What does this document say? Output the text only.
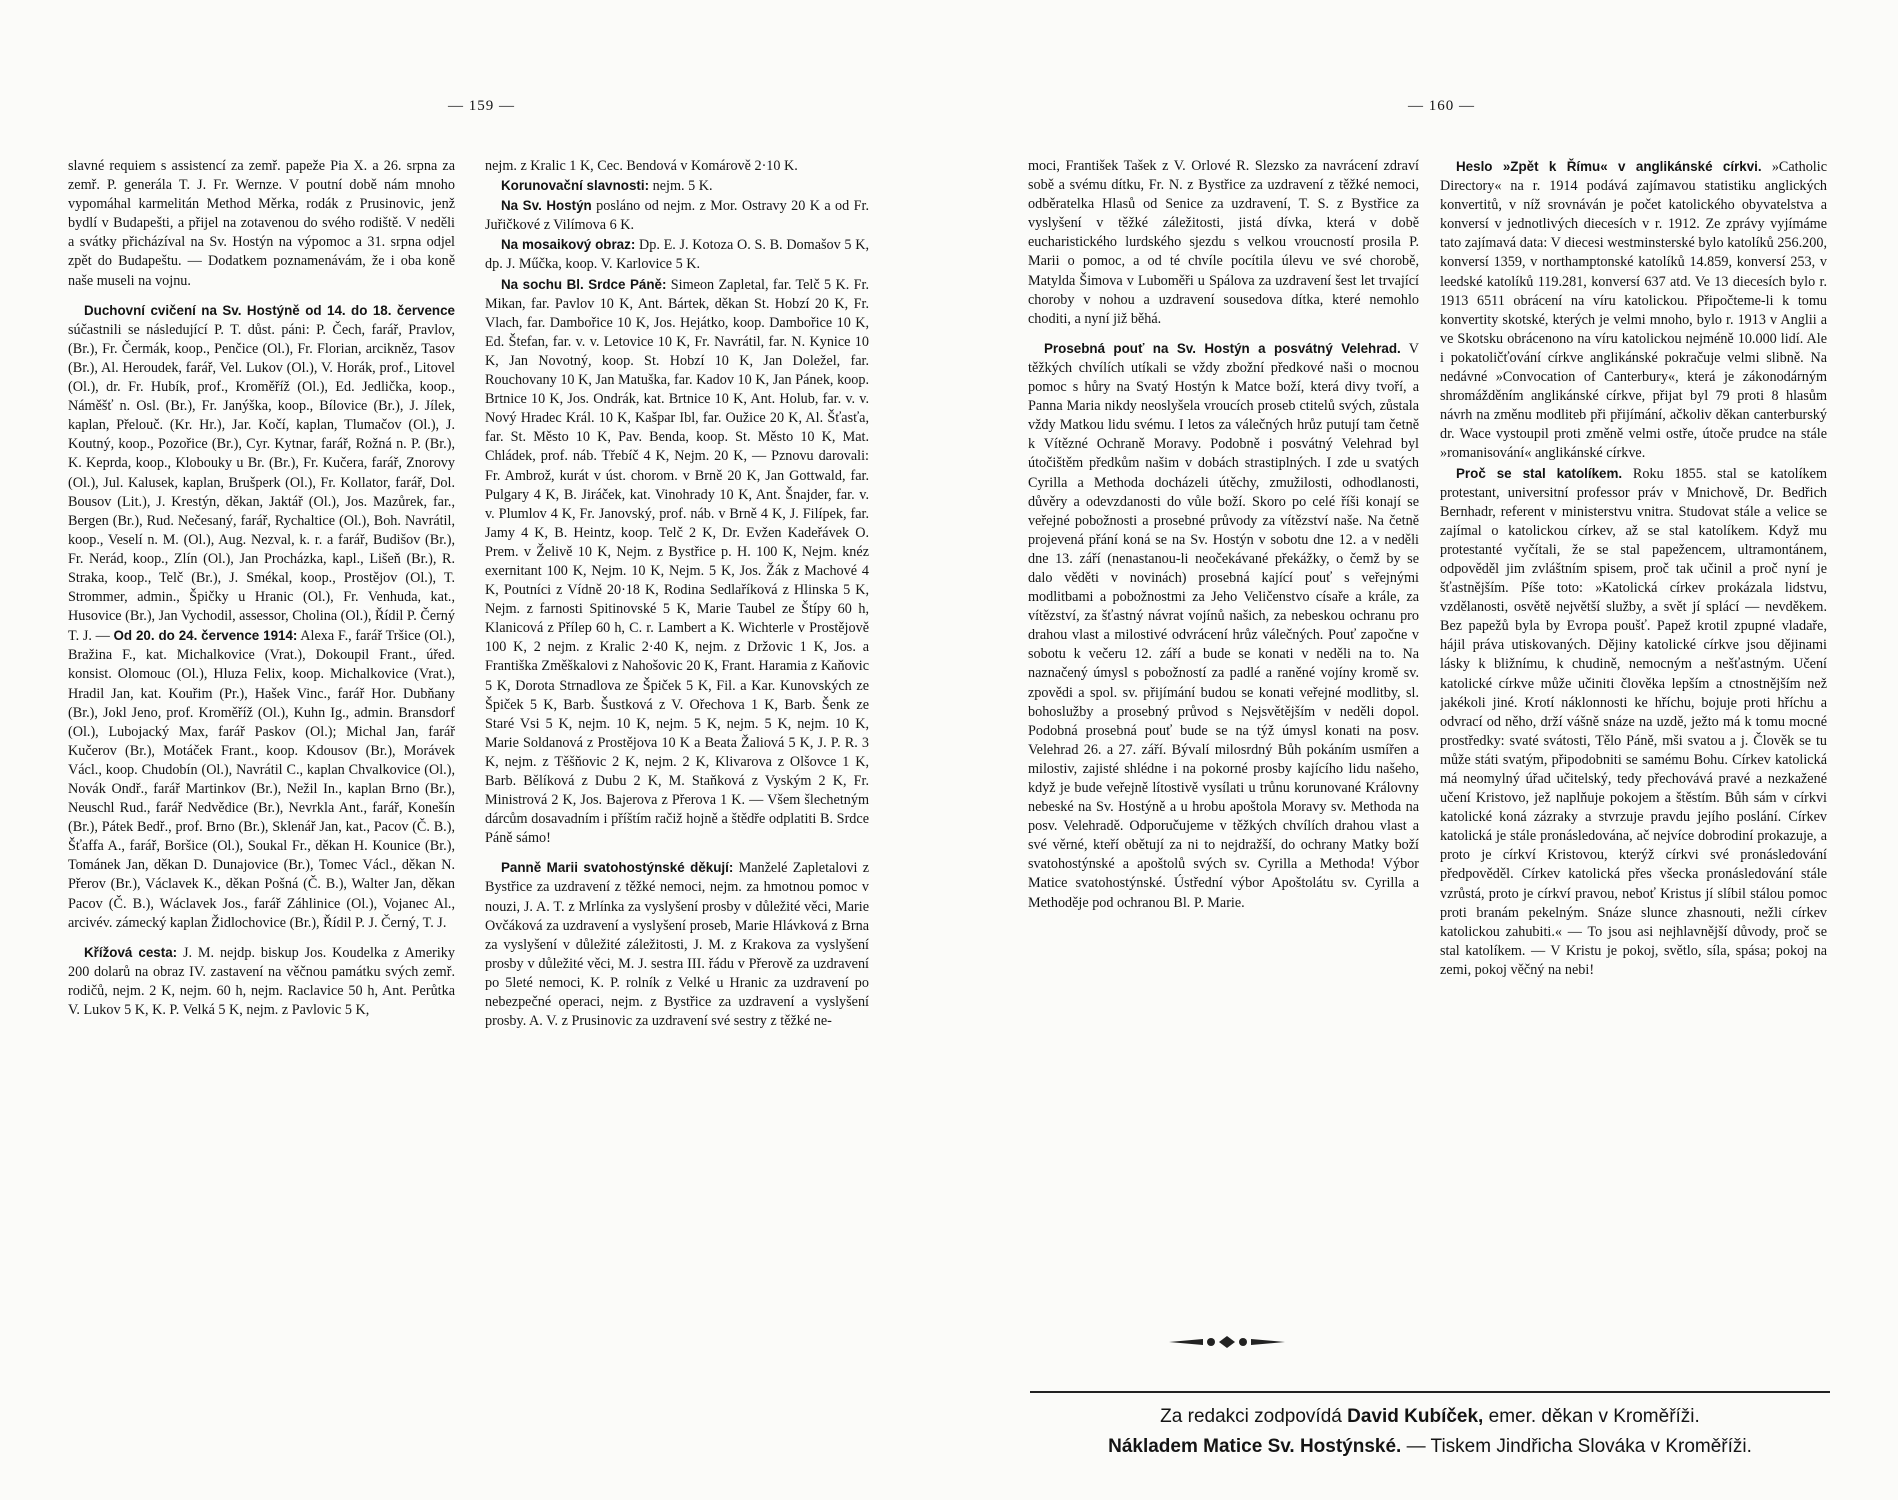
— 159 —	— 160 —

slavné requiem s assistencí za zemř. papeže Pia X. a 26. srpna za zemř. P. generála T. J. Fr. Wernze. V poutní době nám mnoho vypomáhal karmelitán Method Měrka, rodák z Prusinovic, jenž bydlí v Budapešti, a přijel na zotavenou do svého rodiště. V neděli a svátky přicházíval na Sv. Hostýn na výpomoc a 31. srpna odjel zpět do Budapeštu. — Dodatkem poznamenávám, že i oba koně naše museli na vojnu.

Duchovní cvičení na Sv. Hostýně od 14. do 18. července súčastnili se následující P. T. důst. páni: P. Čech, farář, Pravlov, (Br.), Fr. Čermák, koop., Penčice (Ol.), Fr. Florian, arcikněz, Tasov (Br.), Al. Heroudek, farář, Vel. Lukov (Ol.), V. Horák, prof., Litovel (Ol.), dr. Fr. Hubík, prof., Kroměříž (Ol.), Ed. Jedlička, koop., Náměšť n. Osl. (Br.), Fr. Janýška, koop., Bílovice (Br.), J. Jílek, kaplan, Přelouč. (Kr. Hr.), Jar. Kočí, kaplan, Tlumačov (Ol.), J. Koutný, koop., Pozořice (Br.), Cyr. Kytnar, farář, Rožná n. P. (Br.), K. Keprda, koop., Klobouky u Br. (Br.), Fr. Kučera, farář, Znorovy (Ol.), Jul. Kalusek, kaplan, Brušperk (Ol.), Fr. Kollator, farář, Dol. Bousov (Lit.), J. Krestýn, děkan, Jaktář (Ol.), Jos. Mazůrek, far., Bergen (Br.), Rud. Nečesaný, farář, Rychaltice (Ol.), Boh. Navrátil, koop., Veselí n. M. (Ol.), Aug. Nezval, k. r. a farář, Budišov (Br.), Fr. Nerád, koop., Zlín (Ol.), Jan Procházka, kapl., Lišeň (Br.), R. Straka, koop., Telč (Br.), J. Smékal, koop., Prostějov (Ol.), T. Strommer, admin., Špičky u Hranic (Ol.), Fr. Venhuda, kat., Husovice (Br.), Jan Vychodil, assessor, Cholina (Ol.), Řídil P. Černý T. J. — Od 20. do 24. července 1914: Alexa F., farář Tršice (Ol.), Bražina F., kat. Michalkovice (Vrat.), Dokoupil Frant., úřed. konsist. Olomouc (Ol.), Hluza Felix, koop. Michalkovice (Vrat.), Hradil Jan, kat. Kouřim (Pr.), Hašek Vinc., farář Hor. Dubňany (Br.), Jokl Jeno, prof. Kroměříž (Ol.), Kuhn Ig., admin. Bransdorf (Ol.), Lubojacký Max, farář Paskov (Ol.); Michal Jan, farář Kučerov (Br.), Motáček Frant., koop. Kdousov (Br.), Morávek Václ., koop. Chudobín (Ol.), Navrátil C., kaplan Chvalkovice (Ol.), Novák Ondř., farář Martinkov (Br.), Nežil In., kaplan Brno (Br.), Neuschl Rud., farář Nedvědice (Br.), Nevrkla Ant., farář, Konešín (Br.), Pátek Bedř., prof. Brno (Br.), Sklenář Jan, kat., Pacov (Č. B.), Šťaffa A., farář, Boršice (Ol.), Soukal Fr., děkan H. Kounice (Br.), Tománek Jan, děkan D. Dunajovice (Br.), Tomec Václ., děkan N. Přerov (Br.), Václavek K., děkan Pošná (Č. B.), Walter Jan, děkan Pacov (Č. B.), Wáclavek Jos., farář Záhlinice (Ol.), Vojanec Al., arcivév. zámecký kaplan Židlochovice (Br.), Řídil P. J. Černý, T. J.

Křížová cesta: J. M. nejdp. biskup Jos. Koudelka z Ameriky 200 dolarů na obraz IV. zastavení na věčnou památku svých zemř. rodičů, nejm. 2 K, nejm. 60 h, nejm. Raclavice 50 h, Ant. Perůtka V. Lukov 5 K, K. P. Velká 5 K, nejm. z Pavlovic 5 K,

nejm. z Kralic 1 K, Cec. Bendová v Komárově 2·10 K.

Korunovační slavnosti: nejm. 5 K.

Na Sv. Hostýn posláno od nejm. z Mor. Ostravy 20 K a od Fr. Juřičkové z Vilímova 6 K.

Na mosaikový obraz: Dp. E. J. Kotoza O. S. B. Domašov 5 K, dp. J. Műčka, koop. V. Karlovice 5 K.

Na sochu Bl. Srdce Páně: Simeon Zapletal, far. Telč 5 K. Fr. Mikan, far. Pavlov 10 K, Ant. Bártek, děkan St. Hobzí 20 K, Fr. Vlach, far. Dambořice 10 K, Jos. Hejátko, koop. Dambořice 10 K, Ed. Štefan, far. v. v. Letovice 10 K, Fr. Navrátil, far. N. Kynice 10 K, Jan Novotný, koop. St. Hobzí 10 K, Jan Doležel, far. Rouchovany 10 K, Jan Matuška, far. Kadov 10 K, Jan Pánek, koop. Brtnice 10 K, Jos. Ondrák, kat. Brtnice 10 K, Ant. Holub, far. v. v. Nový Hradec Král. 10 K, Kašpar Ibl, far. Oužice 20 K, Al. Šťasťa, far. St. Město 10 K, Pav. Benda, koop. St. Město 10 K, Mat. Chládek, prof. náb. Třebíč 4 K, Nejm. 20 K, — Pznovu darovali: Fr. Ambrož, kurát v úst. chorom. v Brně 20 K, Jan Gottwald, far. Pulgary 4 K, B. Jiráček, kat. Vinohrady 10 K, Ant. Šnajder, far. v. v. Plumlov 4 K, Fr. Janovský, prof. náb. v Brně 4 K, J. Filípek, far. Jamy 4 K, B. Heintz, koop. Telč 2 K, Dr. Evžen Kadeřávek O. Prem. v Želivě 10 K, Nejm. z Bystřice p. H. 100 K, Nejm. knéz exernitant 100 K, Nejm. 10 K, Nejm. 5 K, Jos. Žák z Machové 4 K, Poutníci z Vídně 20·18 K, Rodina Sedlaříková z Hlinska 5 K, Nejm. z farnosti Spitinovské 5 K, Marie Taubel ze Štípy 60 h, Klanicová z Přílep 60 h, C. r. Lambert a K. Wichterle v Prostějově 100 K, 2 nejm. z Kralic 2·40 K, nejm. z Držovic 1 K, Jos. a Františka Změškalovi z Nahošovic 20 K, Frant. Haramia z Kaňovic 5 K, Dorota Strnadlova ze Špiček 5 K, Fil. a Kar. Kunovských ze Špiček 5 K, Barb. Šustková z V. Ořechova 1 K, Barb. Šenk ze Staré Vsi 5 K, nejm. 10 K, nejm. 5 K, nejm. 5 K, nejm. 10 K, Marie Soldanová z Prostějova 10 K a Beata Žaliová 5 K, J. P. R. 3 K, nejm. z Těšňovic 2 K, nejm. 2 K, Klivarova z Olšovce 1 K, Barb. Bělíková z Dubu 2 K, M. Staňková z Vyským 2 K, Fr. Ministrová 2 K, Jos. Bajerova z Přerova 1 K. — Všem šlechetným dárcům dosavadním i příštím račiž hojně a štědře odplatiti B. Srdce Páně sámo!

Panně Marii svatohostýnské děkují: Manželé Zapletalovi z Bystřice za uzdravení z těžké nemoci, nejm. za hmotnou pomoc v nouzi, J. A. T. z Mrlínka za vyslyšení prosby v důležité věci, Marie Ovčáková za uzdravení a vyslyšení proseb, Marie Hlávková z Brna za vyslyšení v důležité záležitosti, J. M. z Krakova za vyslyšení prosby v důležité věci, M. J. sestra III. řádu v Přerově za uzdravení po 5leté nemoci, K. P. rolník z Velké u Hranic za uzdravení po nebezpečné operaci, nejm. z Bystřice za uzdravení a vyslyšení prosby. A. V. z Prusinovic za uzdravení své sestry z těžké ne-

moci, František Tašek z V. Orlové R. Slezsko za navrácení zdraví sobě a svému dítku, Fr. N. z Bystřice za uzdravení z těžké nemoci, odběratelka Hlasů od Senice za uzdravení, T. S. z Bystřice za vyslyšení v těžké záležitosti, jistá dívka, která v době eucharistického lurdského sjezdu s velkou vroucností prosila P. Marii o pomoc, a od té chvíle pocítila úlevu ve své chorobě, Matylda Šimova v Luboměři u Spálova za uzdravení šest let trvající choroby v nohou a uzdravení sousedova dítka, které nemohlo choditi, a nyní již běhá.

Prosebná pouť na Sv. Hostýn a posvátný Velehrad. V těžkých chvílích utíkali se vždy zbožní předkové naši o mocnou pomoc s hůry na Svatý Hostýn k Matce boží, která divy tvoří, a Panna Maria nikdy neoslyšela vroucích proseb ctitelů svých, zůstala vždy Matkou lidu svému. I letos za válečných hrůz putují tam četně k Vítězné Ochraně Moravy. Podobně i posvátný Velehrad byl útočištěm předkům našim v dobách strastiplných. I zde u svatých Cyrilla a Methoda docházeli útěchy, zmužilosti, odhodlanosti, důvěry a odevzdanosti do vůle boží. Skoro po celé říši konají se veřejné pobožnosti a prosebné průvody za vítězství naše. Na četně projevená přání koná se na Sv. Hostýn v sobotu dne 12. a v neděli dne 13. září (nenastanou-li neočekávané překážky, o čemž by se dalo věděti v novinách) prosebná kající pouť s veřejnými modlitbami a pobožnostmi za Jeho Veličenstvo císaře a krále, za vítězství, za šťastný návrat vojínů našich, za nebeskou ochranu pro drahou vlast a milostivé odvrácení hrůz válečných. Pouť započne v sobotu k večeru 12. září a bude se konati v neděli na to. Na naznačený úmysl s pobožností za padlé a raněné vojíny kromě sv. zpovědi a spol. sv. přijímání budou se konati veřejné modlitby, sl. bohoslužby a prosebný průvod s Nejsvětějším v neděli dopol. Podobná prosebná pouť bude se na týž úmysl konati na posv. Velehrad 26. a 27. září. Bývalí milosrdný Bůh pokáním usmířen a milostiv, zajisté shlédne i na pokorné prosby kajícího lidu našeho, když je bude veřejně lítostivě vysílati u trůnu korunované Královny nebeské na Sv. Hostýně a u hrobu apoštola Moravy sv. Methoda na posv. Velehradě. Odporučujeme v těžkých chvílích drahou vlast a své věrné, kteří obětují za ni to nejdražší, do ochrany Matky boží svatohostýnské a apoštolů svých sv. Cyrilla a Methoda! Výbor Matice svatohostýnské. Ústřední výbor Apoštolátu sv. Cyrilla a Methoděje pod ochranou Bl. P. Marie.

Heslo »Zpět k Římu« v anglikánské církvi. »Catholic Directory« na r. 1914 podává zajímavou statistiku anglických konvertitů, v níž srovnáván je počet katolického obyvatelstva a konversí v jednotlivých diecesích v r. 1912. Ze zprávy vyjímáme tato zajímavá data: V diecesi westminsterské bylo katolíků 256.200, konversí 1359, v northamptonské katolíků 14.859, konversí 253, v leedské katolíků 119.281, konversí 637 atd. Ve 13 diecesích bylo r. 1913 6511 obrácení na víru katolickou. Připočteme-li k tomu konvertity skotské, kterých je velmi mnoho, bylo r. 1913 v Anglii a ve Skotsku obrácenono na víru katolickou nejméně 10.000 lidí. Ale i pokatoličťování církve anglikánské pokračuje velmi slibně. Na nedávné »Convocation of Canterbury«, která je zákonodárným shromážděním anglikánské církve, přijat byl 79 proti 8 hlasům návrh na změnu modliteb při přijímání, ačkoliv děkan canterburský dr. Wace vystoupil proti změně velmi ostře, útoče prudce na stále »romanisování« anglikánské církve.

Proč se stal katolíkem. Roku 1855. stal se katolíkem protestant, universitní professor práv v Mnichově, Dr. Bedřich Bernhadr, referent v ministerstvu vnitra. Studovat stále a velice se zajímal o katolickou církev, až se stal katolíkem. Když mu protestanté vyčítali, že se stal papežencem, ultramontánem, odpověděl jim zvláštním spisem, proč tak učinil a proč nyní je šťastnějším. Píše toto: »Katolická církev prokázala lidstvu, vzdělanosti, osvětě největší služby, a svět jí splácí — nevděkem. Bez papežů byla by Evropa poušť. Papež krotil zpupné vladaře, hájil práva utiskovaných. Dějiny katolické církve jsou dějinami lásky k bližnímu, k chudině, nemocným a nešťastným. Učení katolické církve může učiniti člověka lepším a ctnostnějším než jakékoli jiné. Krotí náklonnosti ke hříchu, bojuje proti hříchu a odvrací od něho, drží vášně snáze na uzdě, ježto má k tomu mocné prostředky: svaté svátosti, Tělo Páně, mši svatou a j. Člověk se tu může státi svatým, připodobniti se samému Bohu. Církev katolická má neomylný úřad učitelský, tedy přechovává pravé a nezkažené učení Kristovo, jež naplňuje pokojem a štěstím. Bůh sám v církvi katolické koná zázraky a stvrzuje pravdu jejího poslání. Církev katolická je stále pronásledována, ač nejvíce dobrodiní prokazuje, a proto je církví Kristovou, kterýž církvi své pronásledování předpověděl. Církev katolická přes všecka pronásledování stále vzrůstá, proto je církví pravou, neboť Kristus jí slíbil stálou pomoc proti branám pekelným. Snáze slunce zhasnouti, nežli církev katolickou zahubiti.« — To jsou asi nejhlavnější důvody, proč se stal katolíkem. — V Kristu je pokoj, světlo, síla, spása; pokoj na zemi, pokoj věčný na nebi!

Za redakci zodpovídá David Kubíček, emer. děkan v Kroměříži.
Nákladem Matice Sv. Hostýnské. — Tiskem Jindřicha Slováka v Kroměříži.
